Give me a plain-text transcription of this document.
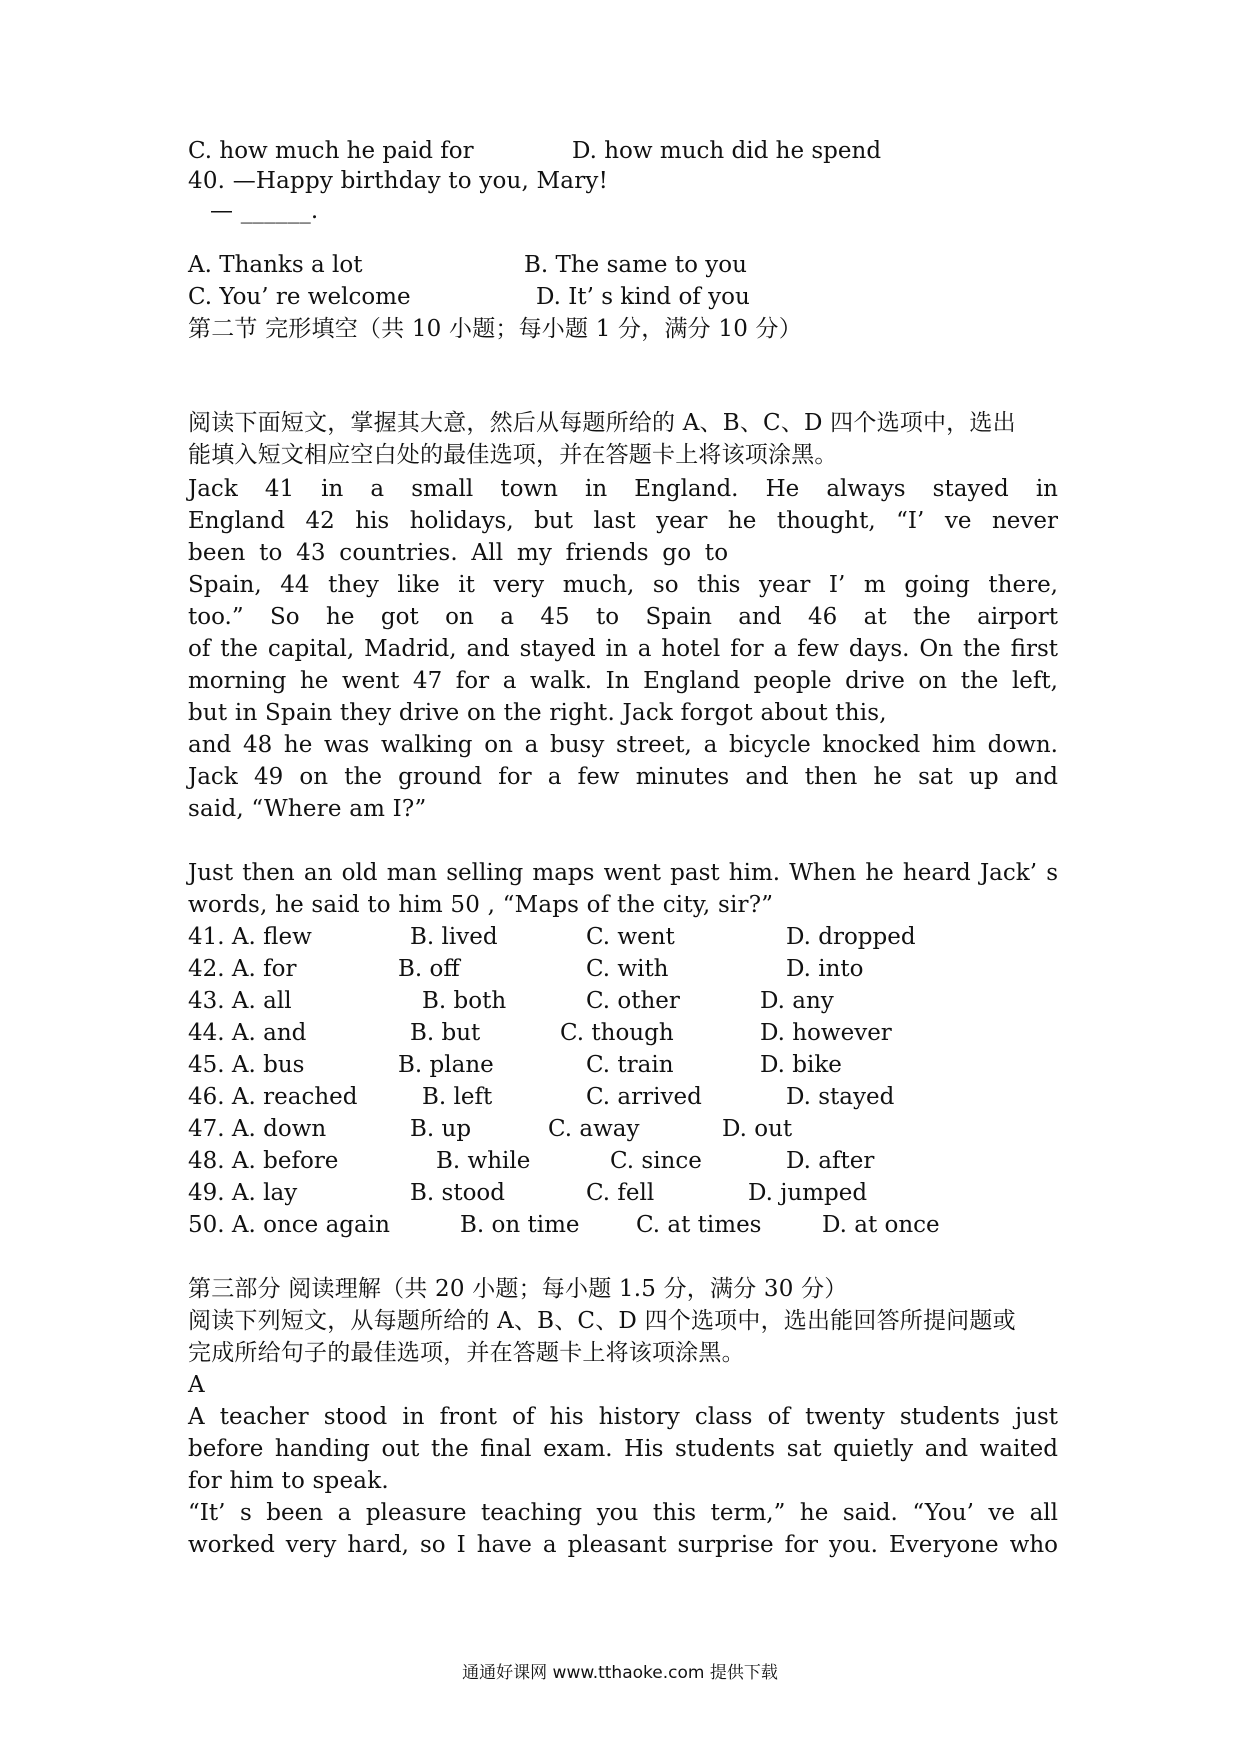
C. how much he paid for	D. how much did he spend
40. —Happy birthday to you, Mary!
— ______.
A. Thanks a lot	B. The same to you
C. You’ re welcome	D. It’ s kind of you
第二节 完形填空（共 10 小题；每小题 1 分，满分 10 分）
阅读下面短文，掌握其大意，然后从每题所给的 A、B、C、D 四个选项中，选出
能填入短文相应空白处的最佳选项，并在答题卡上将该项涂黑。
Jack 41 in a small town in England. He always stayed in
England 42 his holidays, but last year he thought, “I’ ve never
been to 43 countries. All my friends go to
Spain, 44 they like it very much, so this year I’ m going there,
too.” So he got on a 45 to Spain and 46 at the airport
of the capital, Madrid, and stayed in a hotel for a few days. On the first
morning he went 47 for a walk. In England people drive on the left,
but in Spain they drive on the right. Jack forgot about this,
and 48 he was walking on a busy street, a bicycle knocked him down.
Jack 49 on the ground for a few minutes and then he sat up and
said, “Where am I?”
Just then an old man selling maps went past him. When he heard Jack’ s
words, he said to him 50 , “Maps of the city, sir?”
41. A. flew	B. lived	C. went	D. dropped
42. A. for	B. off	C. with	D. into
43. A. all	B. both	C. other	D. any
44. A. and	B. but	C. though	D. however
45. A. bus	B. plane	C. train	D. bike
46. A. reached	B. left	C. arrived	D. stayed
47. A. down	B. up	C. away	D. out
48. A. before	B. while	C. since	D. after
49. A. lay	B. stood	C. fell	D. jumped
50. A. once again	B. on time C. at times	D. at once
第三部分 阅读理解（共 20 小题；每小题 1.5 分，满分 30 分）
阅读下列短文，从每题所给的 A、B、C、D 四个选项中，选出能回答所提问题或
完成所给句子的最佳选项，并在答题卡上将该项涂黑。
A
A teacher stood in front of his history class of twenty students just
before handing out the final exam. His students sat quietly and waited
for him to speak.
“It’ s been a pleasure teaching you this term,” he said. “You’ ve all
worked very hard, so I have a pleasant surprise for you. Everyone who
通通好课网 www.tthaoke.com 提供下载
